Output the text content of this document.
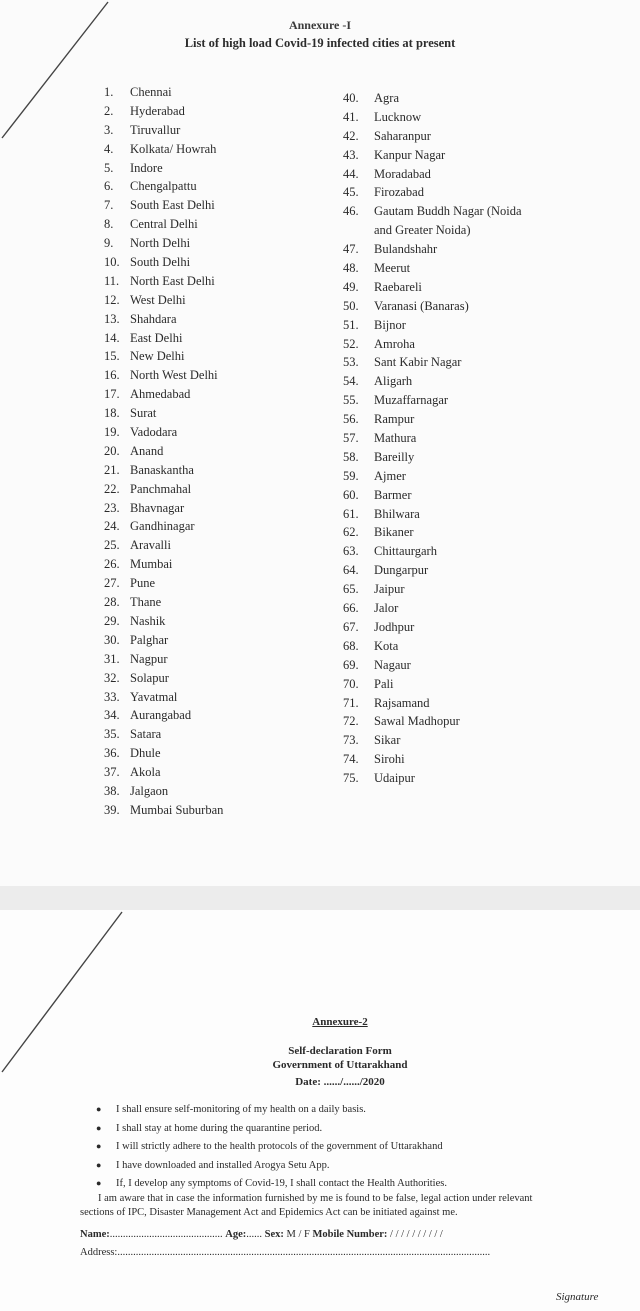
Annexure -I
List of high load Covid-19 infected cities at present
1. Chennai
2. Hyderabad
3. Tiruvallur
4. Kolkata/ Howrah
5. Indore
6. Chengalpattu
7. South East Delhi
8. Central Delhi
9. North Delhi
10. South Delhi
11. North East Delhi
12. West Delhi
13. Shahdara
14. East Delhi
15. New Delhi
16. North West Delhi
17. Ahmedabad
18. Surat
19. Vadodara
20. Anand
21. Banaskantha
22. Panchmahal
23. Bhavnagar
24. Gandhinagar
25. Aravalli
26. Mumbai
27. Pune
28. Thane
29. Nashik
30. Palghar
31. Nagpur
32. Solapur
33. Yavatmal
34. Aurangabad
35. Satara
36. Dhule
37. Akola
38. Jalgaon
39. Mumbai Suburban
40. Agra
41. Lucknow
42. Saharanpur
43. Kanpur Nagar
44. Moradabad
45. Firozabad
46. Gautam Buddh Nagar (Noida
and Greater Noida)
47. Bulandshahr
48. Meerut
49. Raebareli
50. Varanasi (Banaras)
51. Bijnor
52. Amroha
53. Sant Kabir Nagar
54. Aligarh
55. Muzaffarnagar
56. Rampur
57. Mathura
58. Bareilly
59. Ajmer
60. Barmer
61. Bhilwara
62. Bikaner
63. Chittaurgarh
64. Dungarpur
65. Jaipur
66. Jalor
67. Jodhpur
68. Kota
69. Nagaur
70. Pali
71. Rajsamand
72. Sawal Madhopur
73. Sikar
74. Sirohi
75. Udaipur
Annexure-2
Self-declaration Form
Government of Uttarakhand
Date: ....../....../2020
● I shall ensure self-monitoring of my health on a daily basis.
● I shall stay at home during the quarantine period.
● I will strictly adhere to the health protocols of the government of Uttarakhand
● I have downloaded and installed Arogya Setu App.
● If, I develop any symptoms of Covid-19, I shall contact the Health Authorities.
I am aware that in case the information furnished by me is found to be false, legal action under relevant
sections of IPC, Disaster Management Act and Epidemics Act can be initiated against me.
Name:........................................... Age:...... Sex: M / F Mobile Number: / / / / / / / / / /
Address:..............................................................................................................................................
Signature
